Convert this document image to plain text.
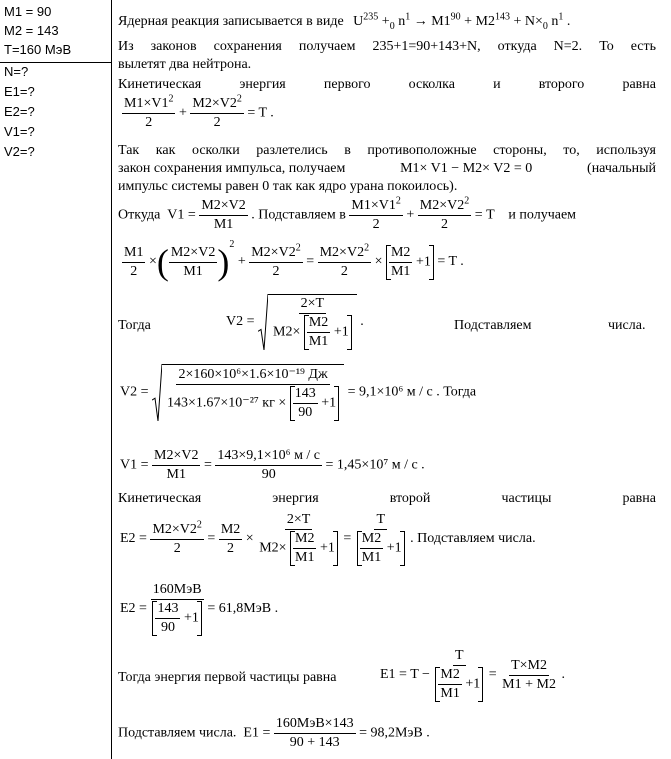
M1 = 90
M2 = 143
T=160 МэВ
N=?
E1=?
E2=?
V1=?
V2=?
Ядерная реакция записывается в виде $U^{235} +_0$ $n^1 \to M1^{90} + M2^{143} + N\times_0$ $n^1$ .
Из законов сохранения получаем 235+1=90+143+N, откуда N=2. То есть
вылетят два нейтрона.
Кинетическая	энергия	первого	осколка	и	второго	равна
$\frac{M1\times V1^2}{2} + \frac{M2\times V2^2}{2} = T$ .
Так как осколки разлетелись в противоположные стороны, то, используя
закон сохранения импульса, получаем	M1× V1 − M2× V2 = 0	(начальный
импульс системы равен 0 так как ядро урана покоилось).
Откуда  $V1 = \frac{M2\times V2}{M1}$ . Подставляем в $\frac{M1\times V1^2}{2} + \frac{M2\times V2^2}{2} = T$    и получаем
$\frac{M1}{2}$ ×( $\frac{M2\times V2}{M1} )^2 + \frac{M2\times V2^2}{2} = \frac{M2\times V2^2}{2} \times \frac{M2}{M1} +1 = T$ .
Тогда	$V2 = \frac{2\times T}{M2\times \frac{M2}{M1} +1}$ .	Подставляем	числа.
$V2 = \frac{\text{2×160×10⁶×1.6×10⁻¹⁹ Дж}}{143\times 1.67\times 10^{-27} кг \times \frac{143}{90} +1} = 9,1\times 10^6$ м / с . Тогда
$V1 = \frac{M2\times V2}{M1} = \frac{\text{143×9,1×10⁶ м / с}}{90} = 1,45\times 10^7$ м / с .
Кинетическая	энергия	второй	частицы	равна
$E2 = \frac{M2\times V2^2}{2} = \frac{M2}{2} \times \frac{2\times T}{M2\times \frac{M2}{M1} +1} = \frac{T}{\frac{M2}{M1} +1}$ . Подставляем числа.
$E2 = \frac{\text{160МэВ}}{\frac{143}{90} +1} = 61,8МэВ$ .
Тогда энергия первой частицы равна	$E1 = T - \frac{T}{\frac{M2}{M1} +1} = \frac{T\times M2}{M1 + M2}$ .
Подставляем числа.  $E1 = \frac{\text{160МэВ×143}}{90 + 143} = 98,2МэВ$ .
